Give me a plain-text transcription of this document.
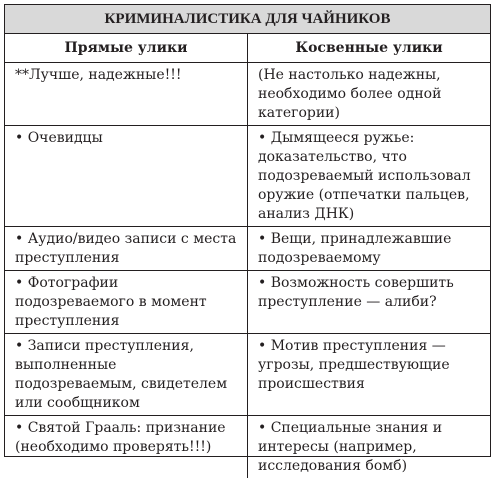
КРИМИНАЛИСТИКА ДЛЯ ЧАЙНИКОВ	
Прямые улики	Косвенные улики
**Лучше, надежные!!!	(Не настолько надежны, необходимо более одной категории)
• Очевидцы	• Дымящееся ружье: доказательство, что подозреваемый использовал оружие (отпечатки пальцев, анализ ДНК)
• Аудио/видео записи с места преступления	• Вещи, принадлежавшие подозреваемому
• Фотографии подозреваемого в момент преступления	• Возможность совершить преступление — алиби?
• Записи преступления, выполненные подозреваемым, свидетелем или сообщником	• Мотив преступления — угрозы, предшествующие происшествия
• Святой Грааль: признание (необходимо проверять!!!)	• Специальные знания и интересы (например, исследования бомб)
